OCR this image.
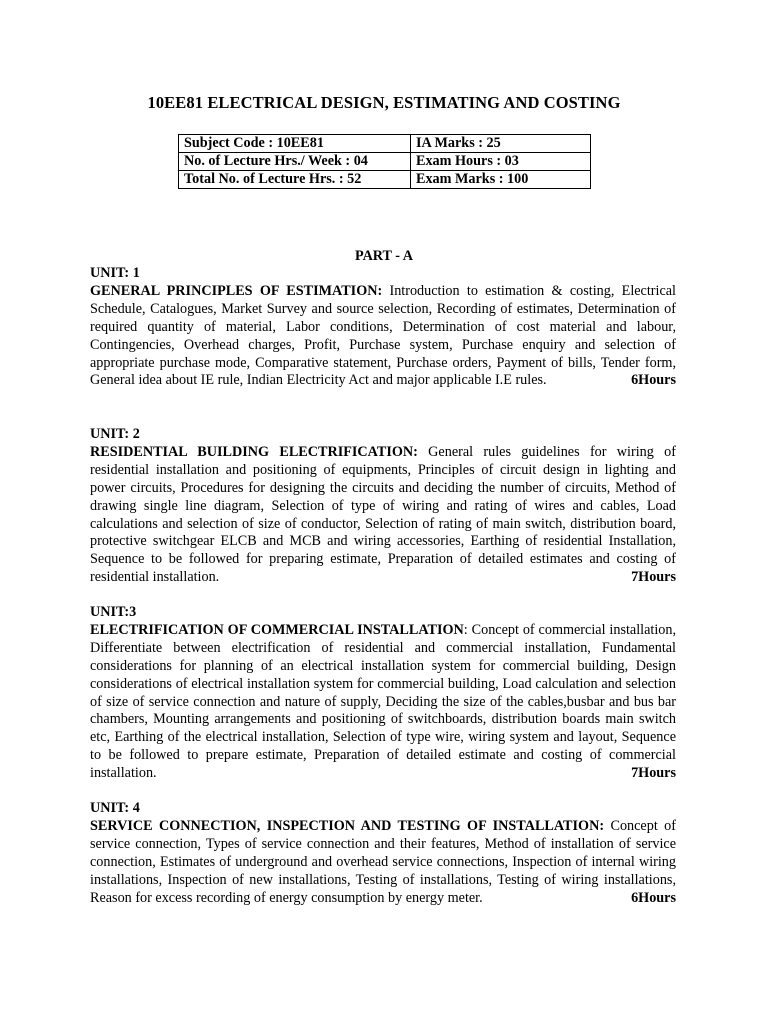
10EE81 ELECTRICAL DESIGN, ESTIMATING AND COSTING
Subject Code : 10EE81	IA Marks : 25
No. of Lecture Hrs./ Week : 04	Exam Hours : 03
Total No. of Lecture Hrs. : 52	Exam Marks : 100
PART - A
UNIT: 1
GENERAL PRINCIPLES OF ESTIMATION: Introduction to estimation & costing, Electrical Schedule, Catalogues, Market Survey and source selection, Recording of estimates, Determination of required quantity of material, Labor conditions, Determination of cost material and labour, Contingencies, Overhead charges, Profit, Purchase system, Purchase enquiry and selection of appropriate purchase mode, Comparative statement, Purchase orders, Payment of bills, Tender form, General idea about IE rule, Indian Electricity Act and major applicable I.E rules.	6Hours
UNIT: 2
RESIDENTIAL BUILDING ELECTRIFICATION: General rules guidelines for wiring of residential installation and positioning of equipments, Principles of circuit design in lighting and power circuits, Procedures for designing the circuits and deciding the number of circuits, Method of drawing single line diagram, Selection of type of wiring and rating of wires and cables, Load calculations and selection of size of conductor, Selection of rating of main switch, distribution board, protective switchgear ELCB and MCB and wiring accessories, Earthing of residential Installation, Sequence to be followed for preparing estimate, Preparation of detailed estimates and costing of residential installation.	7Hours
UNIT:3
ELECTRIFICATION OF COMMERCIAL INSTALLATION: Concept of commercial installation, Differentiate between electrification of residential and commercial installation, Fundamental considerations for planning of an electrical installation system for commercial building, Design considerations of electrical installation system for commercial building, Load calculation and selection of size of service connection and nature of supply, Deciding the size of the cables,busbar and bus bar chambers, Mounting arrangements and positioning of switchboards, distribution boards main switch etc, Earthing of the electrical installation, Selection of type wire, wiring system and layout, Sequence to be followed to prepare estimate, Preparation of detailed estimate and costing of commercial installation.	7Hours
UNIT: 4
SERVICE CONNECTION, INSPECTION AND TESTING OF INSTALLATION: Concept of service connection, Types of service connection and their features, Method of installation of service connection, Estimates of underground and overhead service connections, Inspection of internal wiring installations, Inspection of new installations, Testing of installations, Testing of wiring installations, Reason for excess recording of energy consumption by energy meter.	6Hours
